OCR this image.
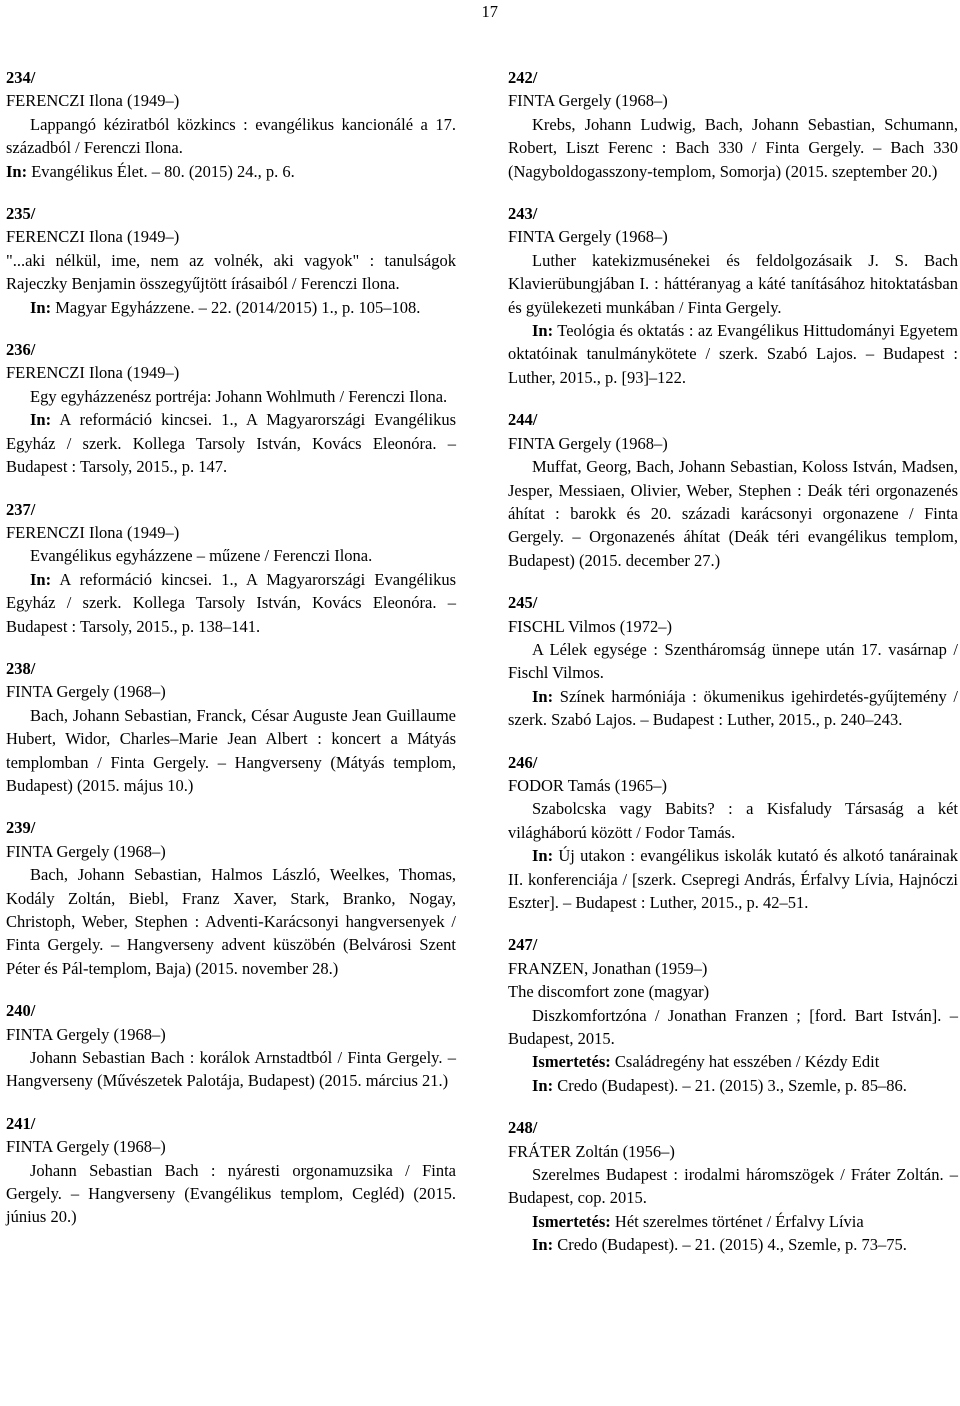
17
234/
FERENCZI Ilona (1949–)
Lappangó kéziratból közkincs : evangélikus kancionálé a 17. századból / Ferenczi Ilona.
In: Evangélikus Élet. – 80. (2015) 24., p. 6.
235/
FERENCZI Ilona (1949–)
"...aki nélkül, ime, nem az volnék, aki vagyok" : tanulságok Rajeczky Benjamin összegyűjtött írásaiból / Ferenczi Ilona.
In: Magyar Egyházzene. – 22. (2014/2015) 1., p. 105–108.
236/
FERENCZI Ilona (1949–)
Egy egyházzenész portréja: Johann Wohlmuth / Ferenczi Ilona.
In: A reformáció kincsei. 1., A Magyarországi Evangélikus Egyház / szerk. Kollega Tarsoly István, Kovács Eleonóra. – Budapest : Tarsoly, 2015., p. 147.
237/
FERENCZI Ilona (1949–)
Evangélikus egyházzene – műzene / Ferenczi Ilona.
In: A reformáció kincsei. 1., A Magyarországi Evangélikus Egyház / szerk. Kollega Tarsoly István, Kovács Eleonóra. – Budapest : Tarsoly, 2015., p. 138–141.
238/
FINTA Gergely (1968–)
Bach, Johann Sebastian, Franck, César Auguste Jean Guillaume Hubert, Widor, Charles–Marie Jean Albert : koncert a Mátyás templomban / Finta Gergely. – Hangverseny (Mátyás templom, Budapest) (2015. május 10.)
239/
FINTA Gergely (1968–)
Bach, Johann Sebastian, Halmos László, Weelkes, Thomas, Kodály Zoltán, Biebl, Franz Xaver, Stark, Branko, Nogay, Christoph, Weber, Stephen : Adventi-Karácsonyi hangversenyek / Finta Gergely. – Hangverseny advent küszöbén (Belvárosi Szent Péter és Pál-templom, Baja) (2015. november 28.)
240/
FINTA Gergely (1968–)
Johann Sebastian Bach : korálok Arnstadtból / Finta Gergely. – Hangverseny (Művészetek Palotája, Budapest) (2015. március 21.)
241/
FINTA Gergely (1968–)
Johann Sebastian Bach : nyáresti orgonamuzsika / Finta Gergely. – Hangverseny (Evangélikus templom, Cegléd) (2015. június 20.)
242/
FINTA Gergely (1968–)
Krebs, Johann Ludwig, Bach, Johann Sebastian, Schumann, Robert, Liszt Ferenc : Bach 330 / Finta Gergely. – Bach 330 (Nagyboldogasszony-templom, Somorja) (2015. szeptember 20.)
243/
FINTA Gergely (1968–)
Luther katekizmusénekei és feldolgozásaik J. S. Bach Klavierübungjában I. : háttéranyag a káté tanításához hitoktatásban és gyülekezeti munkában / Finta Gergely.
In: Teológia és oktatás : az Evangélikus Hittudományi Egyetem oktatóinak tanulmánykötete / szerk. Szabó Lajos. – Budapest : Luther, 2015., p. [93]–122.
244/
FINTA Gergely (1968–)
Muffat, Georg, Bach, Johann Sebastian, Koloss István, Madsen, Jesper, Messiaen, Olivier, Weber, Stephen : Deák téri orgonazenés áhítat : barokk és 20. századi karácsonyi orgonazene / Finta Gergely. – Orgonazenés áhítat (Deák téri evangélikus templom, Budapest) (2015. december 27.)
245/
FISCHL Vilmos (1972–)
A Lélek egysége : Szentháromság ünnepe után 17. vasárnap / Fischl Vilmos.
In: Színek harmóniája : ökumenikus igehirdetés-gyűjtemény / szerk. Szabó Lajos. – Budapest : Luther, 2015., p. 240–243.
246/
FODOR Tamás (1965–)
Szabolcska vagy Babits? : a Kisfaludy Társaság a két világháború között / Fodor Tamás.
In: Új utakon : evangélikus iskolák kutató és alkotó tanárainak II. konferenciája / [szerk. Csepregi András, Érfalvy Lívia, Hajnóczi Eszter]. – Budapest : Luther, 2015., p. 42–51.
247/
FRANZEN, Jonathan (1959–)
The discomfort zone (magyar)
Diszkomfortzóna / Jonathan Franzen ; [ford. Bart István]. – Budapest, 2015.
Ismertetés: Családregény hat esszében / Kézdy Edit
In: Credo (Budapest). – 21. (2015) 3., Szemle, p. 85–86.
248/
FRÁTER Zoltán (1956–)
Szerelmes Budapest : irodalmi háromszögek / Fráter Zoltán. – Budapest, cop. 2015.
Ismertetés: Hét szerelmes történet / Érfalvy Lívia
In: Credo (Budapest). – 21. (2015) 4., Szemle, p. 73–75.
